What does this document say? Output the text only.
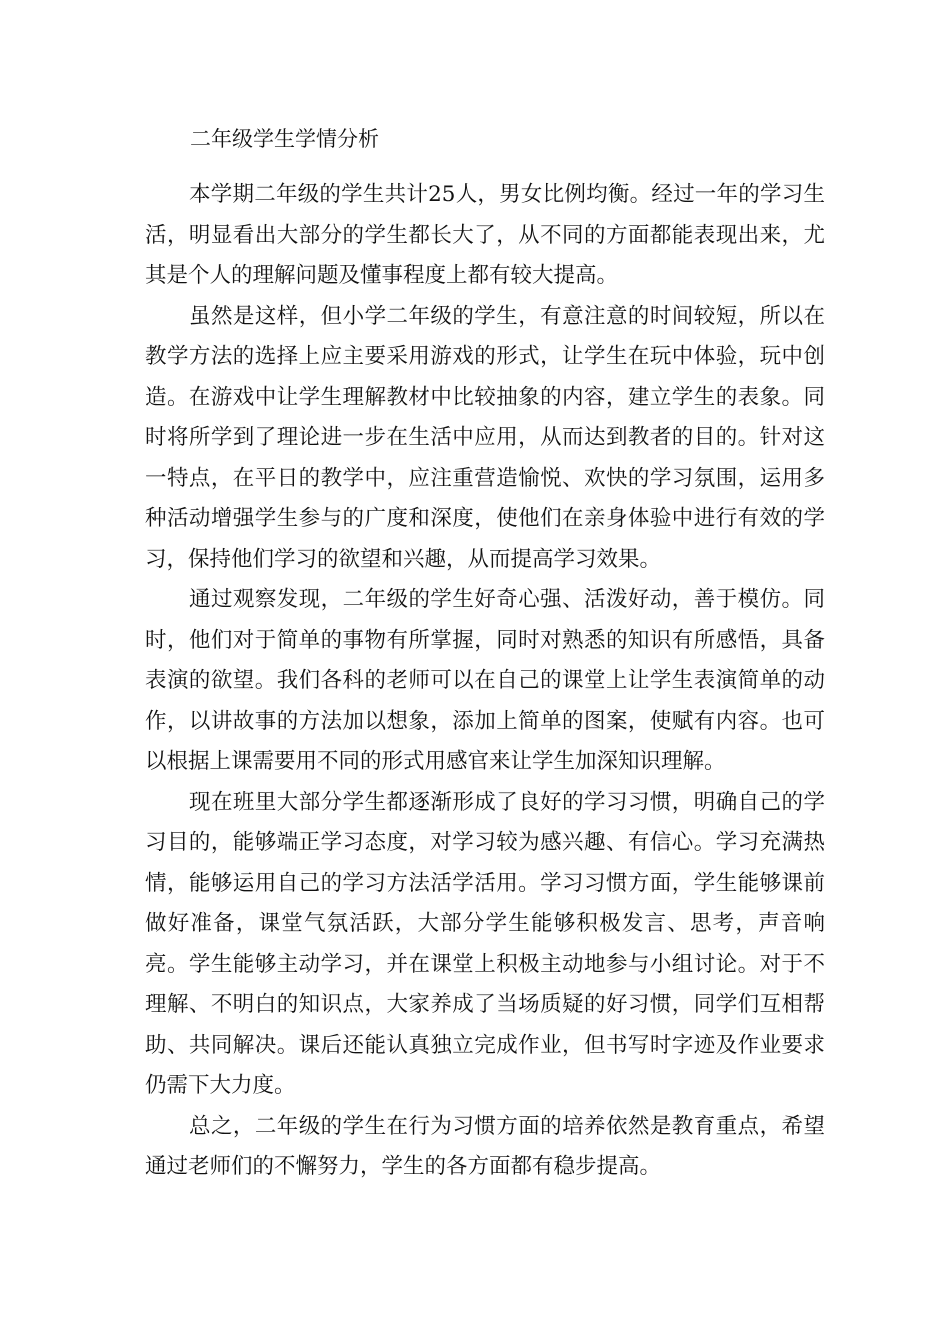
二年级学生学情分析

本学期二年级的学生共计25人，男女比例均衡。经过一年的学习生活，明显看出大部分的学生都长大了，从不同的方面都能表现出来，尤其是个人的理解问题及懂事程度上都有较大提高。

虽然是这样，但小学二年级的学生，有意注意的时间较短，所以在教学方法的选择上应主要采用游戏的形式，让学生在玩中体验，玩中创造。在游戏中让学生理解教材中比较抽象的内容，建立学生的表象。同时将所学到了理论进一步在生活中应用，从而达到教者的目的。针对这一特点，在平日的教学中，应注重营造愉悦、欢快的学习氛围，运用多种活动增强学生参与的广度和深度，使他们在亲身体验中进行有效的学习，保持他们学习的欲望和兴趣，从而提高学习效果。

通过观察发现，二年级的学生好奇心强、活泼好动，善于模仿。同时，他们对于简单的事物有所掌握，同时对熟悉的知识有所感悟，具备表演的欲望。我们各科的老师可以在自己的课堂上让学生表演简单的动作，以讲故事的方法加以想象，添加上简单的图案，使赋有内容。也可以根据上课需要用不同的形式用感官来让学生加深知识理解。

现在班里大部分学生都逐渐形成了良好的学习习惯，明确自己的学习目的，能够端正学习态度，对学习较为感兴趣、有信心。学习充满热情，能够运用自己的学习方法活学活用。学习习惯方面，学生能够课前做好准备，课堂气氛活跃，大部分学生能够积极发言、思考，声音响亮。学生能够主动学习，并在课堂上积极主动地参与小组讨论。对于不理解、不明白的知识点，大家养成了当场质疑的好习惯，同学们互相帮助、共同解决。课后还能认真独立完成作业，但书写时字迹及作业要求仍需下大力度。

总之，二年级的学生在行为习惯方面的培养依然是教育重点，希望通过老师们的不懈努力，学生的各方面都有稳步提高。
